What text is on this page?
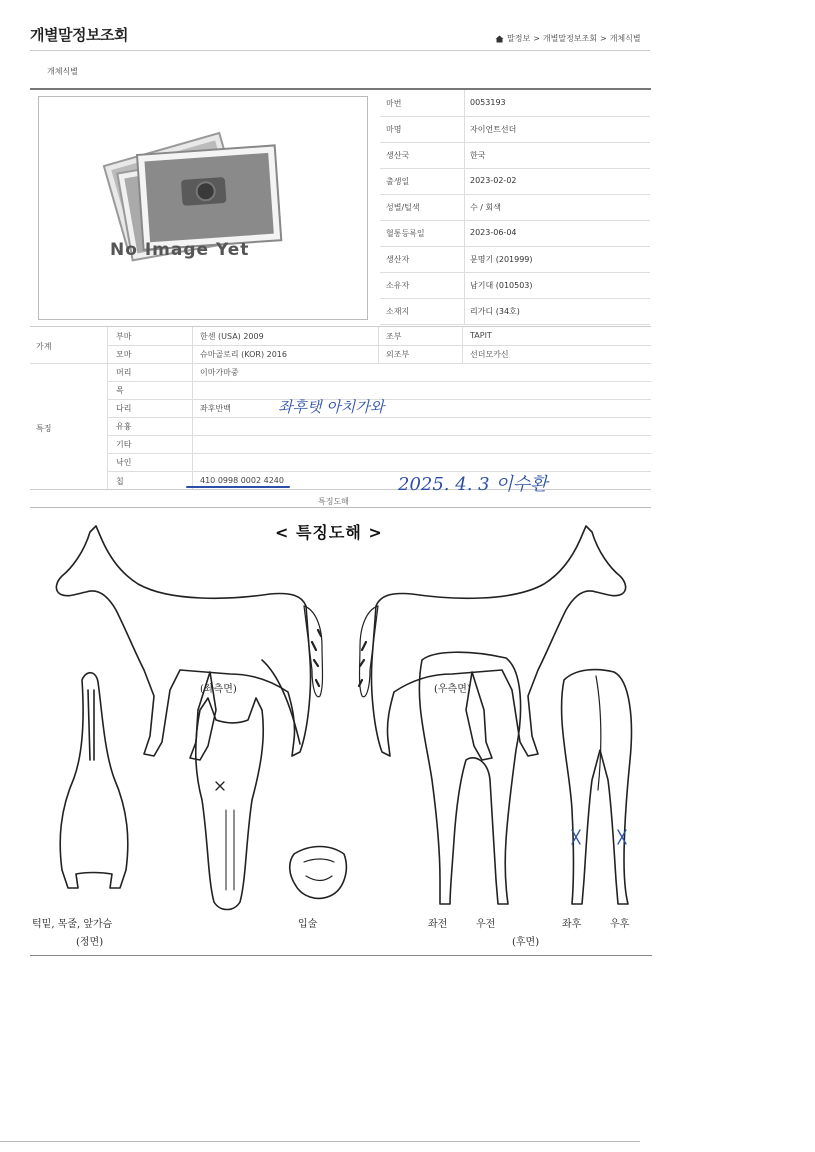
개별말정보조회	말정보 > 개별말정보조회 > 개체식별
개체식별
No Image Yet
마번	0053193
마명	자이언트선더
생산국	한국
출생일	2023-02-02
성별/털색	수 / 회색
혈통등록일	2023-06-04
생산자	문명기 (201999)
소유자	남기대 (010503)
소재지	리가디 (34호)
가계
부마	한센 (USA) 2009	조부	TAPIT
모마	슈마골로리 (KOR) 2016	외조부	선더모카신
특징
머리	이마가마중
목
다리	좌후반백
유흉
기타
낙인
칩	410 0998 0002 4240
좌후탯 아치가와
2025. 4. 3 이수환
특징도해
< 특징도해 >
(좌측면)	(우측면)
턱밑, 목줄, 앞가슴
(정면)
입술	좌전	우전	좌후	우후
(후면)
